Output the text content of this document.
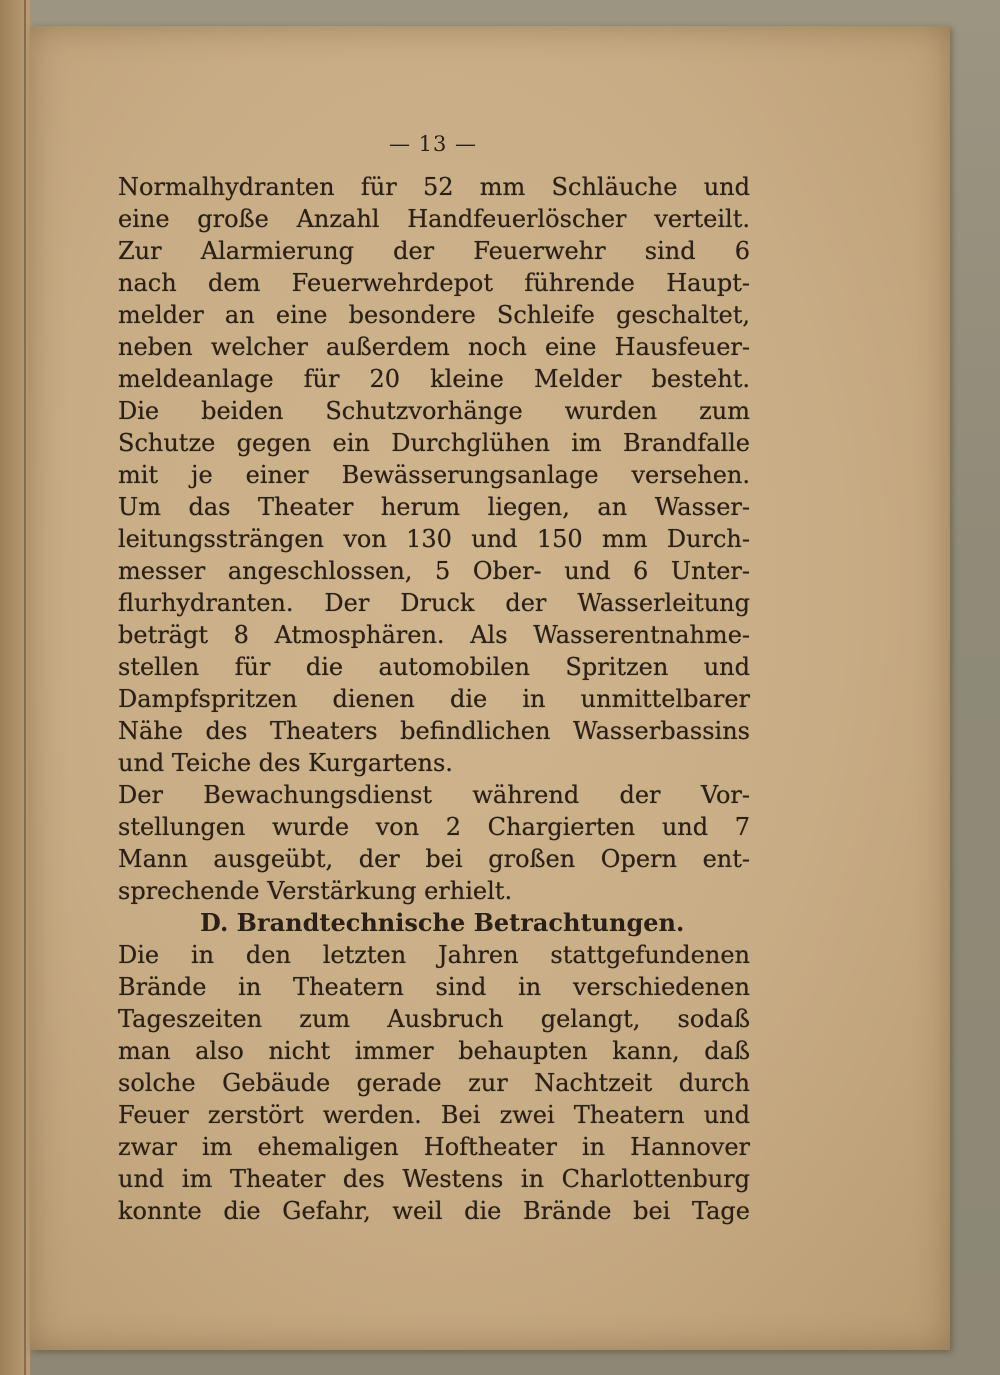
— 13 —
Normalhydranten für 52 mm Schläuche und
eine große Anzahl Handfeuerlöscher verteilt.
Zur Alarmierung der Feuerwehr sind 6
nach dem Feuerwehrdepot führende Haupt-
melder an eine besondere Schleife geschaltet,
neben welcher außerdem noch eine Hausfeuer-
meldeanlage für 20 kleine Melder besteht.
Die beiden Schutzvorhänge wurden zum
Schutze gegen ein Durchglühen im Brandfalle
mit je einer Bewässerungsanlage versehen.
Um das Theater herum liegen, an Wasser-
leitungssträngen von 130 und 150 mm Durch-
messer angeschlossen, 5 Ober- und 6 Unter-
flurhydranten. Der Druck der Wasserleitung
beträgt 8 Atmosphären. Als Wasserentnahme-
stellen für die automobilen Spritzen und
Dampfspritzen dienen die in unmittelbarer
Nähe des Theaters befindlichen Wasserbassins
und Teiche des Kurgartens.
Der Bewachungsdienst während der Vor-
stellungen wurde von 2 Chargierten und 7
Mann ausgeübt, der bei großen Opern ent-
sprechende Verstärkung erhielt.
D. Brandtechnische Betrachtungen.
Die in den letzten Jahren stattgefundenen
Brände in Theatern sind in verschiedenen
Tageszeiten zum Ausbruch gelangt, sodaß
man also nicht immer behaupten kann, daß
solche Gebäude gerade zur Nachtzeit durch
Feuer zerstört werden. Bei zwei Theatern und
zwar im ehemaligen Hoftheater in Hannover
und im Theater des Westens in Charlottenburg
konnte die Gefahr, weil die Brände bei Tage
